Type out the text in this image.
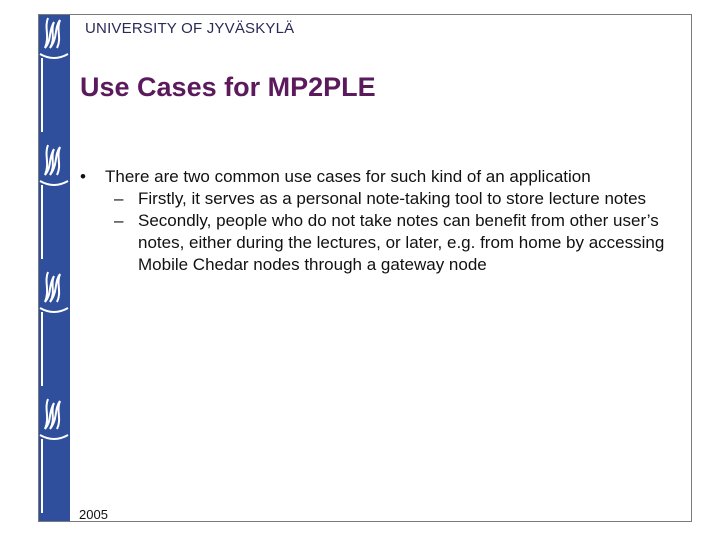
UNIVERSITY OF JYVÄSKYLÄ
Use Cases for MP2PLE
•	There are two common use cases for such kind of an application
– Firstly, it serves as a personal note-taking tool to store lecture notes
– Secondly, people who do not take notes can benefit from other user’s notes, either during the lectures, or later, e.g. from home by accessing Mobile Chedar nodes through a gateway node
2005
